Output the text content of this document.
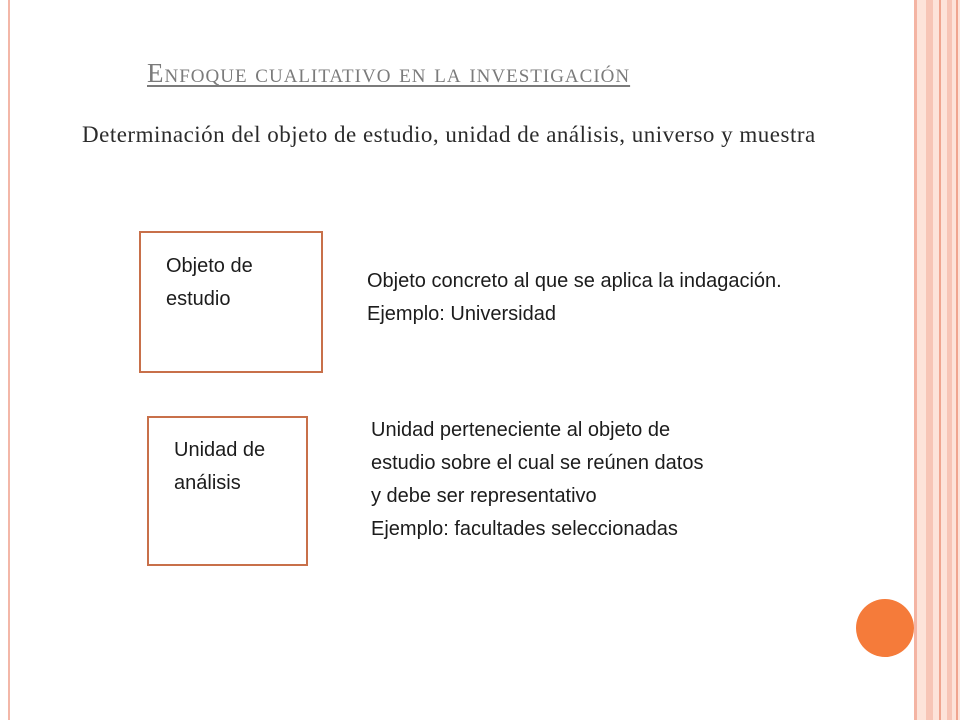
Enfoque cualitativo en la investigación
Determinación del objeto de estudio, unidad de análisis, universo y muestra
Objeto de estudio
Objeto concreto al que se aplica la indagación. Ejemplo: Universidad
Unidad de análisis
Unidad perteneciente al objeto de
estudio sobre el cual se reúnen datos
y debe ser representativo
Ejemplo: facultades seleccionadas
